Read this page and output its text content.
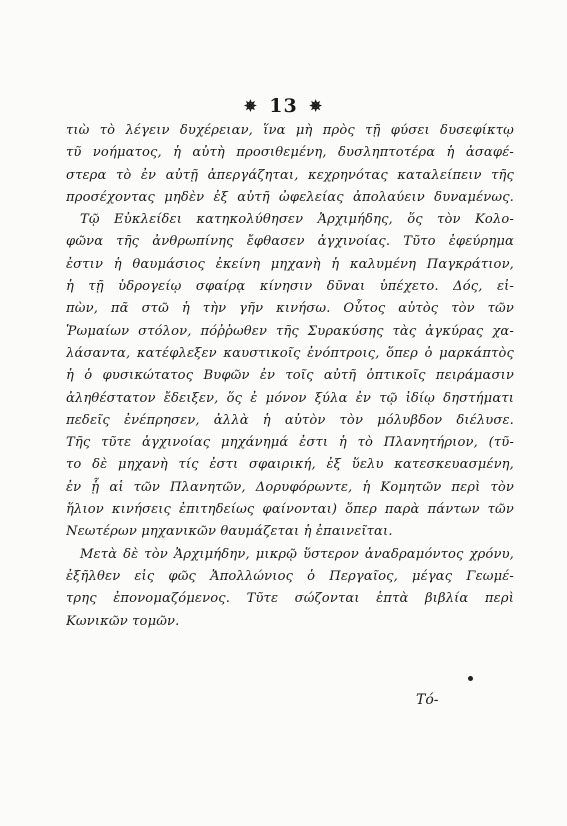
✵ 13 ✵
τιὼ τὸ λέγειν δυχέρειαν, ἵνα μὴ πρὸς τῇ φύσει δυσεφίκτῳ
τῦ νοήματος, ἡ αὐτὴ προσιθεμένη, δυσληπτοτέρα ἡ ἀσαφέ-
στερα τὸ ἐν αὐτῇ ἀπεργάζηται, κεχρηνότας καταλείπειν τῆς
προσέχοντας μηδὲν ἐξ αὐτῆ ὠφελείας ἀπολαύειν δυναμένως.
Τῷ Εὐκλείδει κατηκολύθησεν Ἀρχιμήδης, ὅς τὸν Κολο-
φῶνα τῆς ἀνθρωπίνης ἔφθασεν ἀγχινοίας. Τῦτο ἐφεύρημα
ἐστιν ἡ θαυμάσιος ἐκείνη μηχανὴ ἡ καλυμένη Παγκράτιον,
ἡ τῇ ὑδρογείῳ σφαίρᾳ κίνησιν δῦναι ὑπέχετο. Δός, εἰ-
πὼν, πᾶ στῶ ἡ τὴν γῆν κινήσω. Οὗτος αὐτὸς τὸν τῶν
Ῥωμαίων στόλον, πόῤῥωθεν τῆς Συρακύσης τὰς ἀγκύρας χα-
λάσαντα, κατέφλεξεν καυστικοῖς ἐνόπτροις, ὅπερ ὁ μαρκάπτὸς
ἡ ὁ φυσικώτατος Βυφῶν ἐν τοῖς αὐτῆ ὀπτικοῖς πειράμασιν
ἀληθέστατον ἔδειξεν, ὅς ἐ μόνον ξύλα ἐν τῷ ἰδίῳ δηστήματι
πεδεῖς ἐνέπρησεν, ἀλλὰ ἡ αὐτὸν τὸν μόλυβδον διέλυσε.
Τῆς τῦτε ἀγχινοίας μηχάνημά ἐστι ἡ τὸ Πλανητήριον, (τῦ-
το δὲ μηχανὴ τίς ἐστι σφαιρική, ἐξ ὕελυ κατεσκευασμένη,
ἐν ᾗ αἱ τῶν Πλανητῶν, Δορυφόρωντε, ἡ Κομητῶν περὶ τὸν
ἥλιον κινήσεις ἐπιτηδείως φαίνονται) ὅπερ παρὰ πάντων τῶν
Νεωτέρων μηχανικῶν θαυμάζεται ἡ ἐπαινεῖται.
Μετὰ δὲ τὸν Ἀρχιμήδην, μικρῷ ὕστερον ἀναδραμόντος χρόνυ,
ἐξῆλθεν εἰς φῶς Ἀπολλώνιος ὁ Περγαῖος, μέγας Γεωμέ-
τρης ἐπονομαζόμενος. Τῦτε σώζονται ἑπτὰ βιβλία περὶ
Κωνικῶν τομῶν.
Τό-
